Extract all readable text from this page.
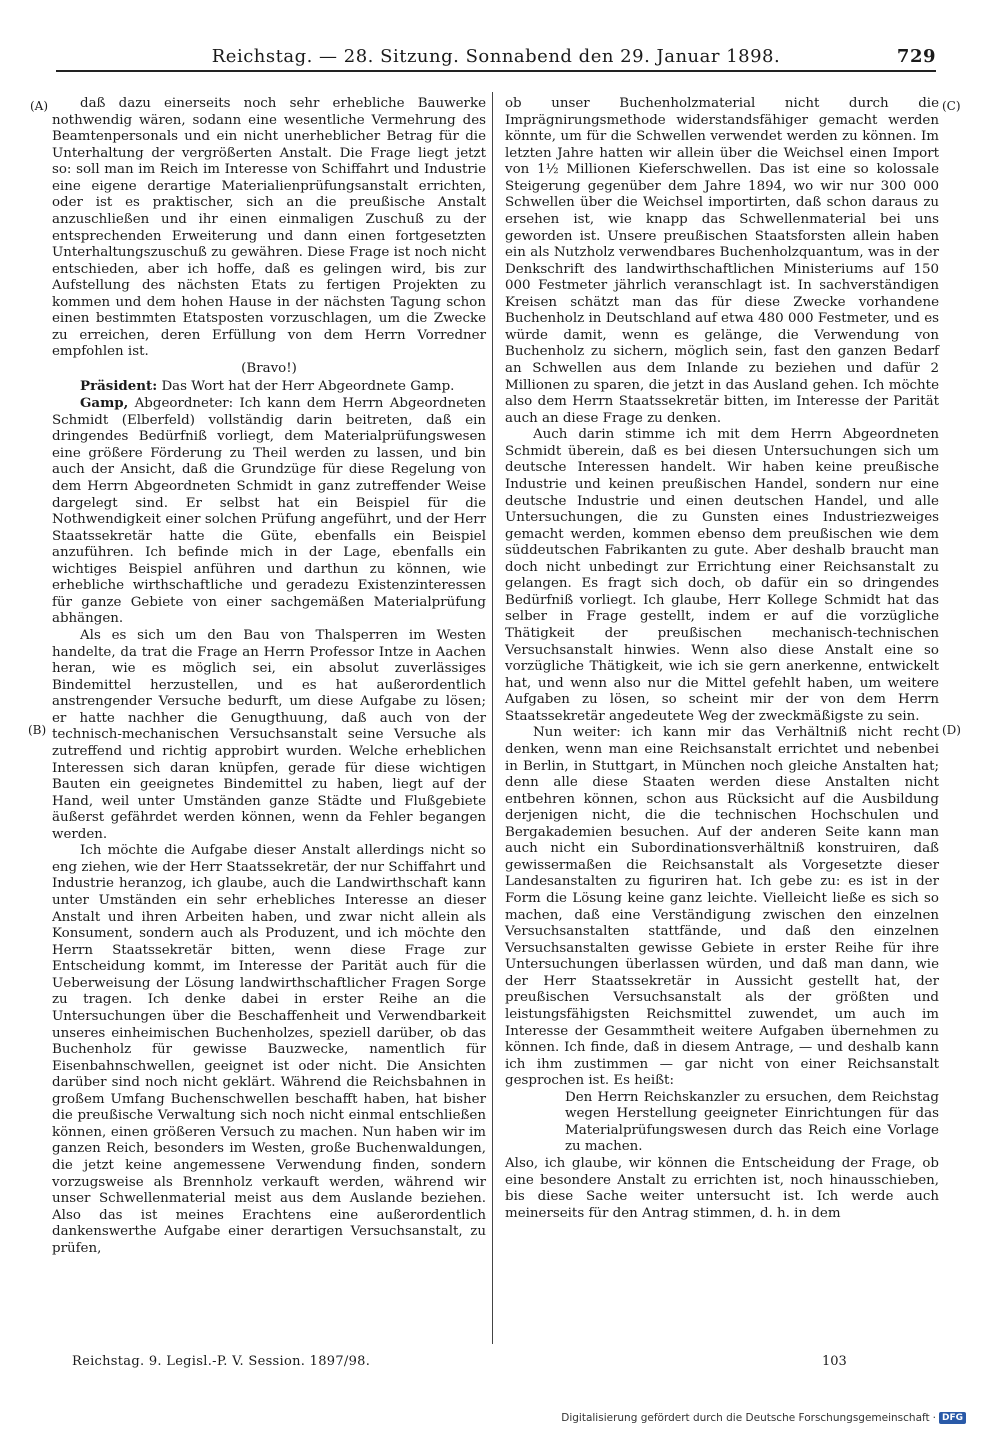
Reichstag. — 28. Sitzung. Sonnabend den 29. Januar 1898.	729
(A)
(B)
(C)
(D)

daß dazu einerseits noch sehr erhebliche Bauwerke nothwendig wären, sodann eine wesentliche Vermehrung des Beamtenpersonals und ein nicht unerheblicher Betrag für die Unterhaltung der vergrößerten Anstalt. Die Frage liegt jetzt so: soll man im Reich im Interesse von Schiffahrt und Industrie eine eigene derartige Materialienprüfungsanstalt errichten, oder ist es praktischer, sich an die preußische Anstalt anzuschließen und ihr einen einmaligen Zuschuß zu der entsprechenden Erweiterung und dann einen fortgesetzten Unterhaltungszuschuß zu gewähren. Diese Frage ist noch nicht entschieden, aber ich hoffe, daß es gelingen wird, bis zur Aufstellung des nächsten Etats zu fertigen Projekten zu kommen und dem hohen Hause in der nächsten Tagung schon einen bestimmten Etatsposten vorzuschlagen, um die Zwecke zu erreichen, deren Erfüllung von dem Herrn Vorredner empfohlen ist.

(Bravo!)

Präsident: Das Wort hat der Herr Abgeordnete Gamp.

Gamp, Abgeordneter: Ich kann dem Herrn Abgeordneten Schmidt (Elberfeld) vollständig darin beitreten, daß ein dringendes Bedürfniß vorliegt, dem Materialprüfungswesen eine größere Förderung zu Theil werden zu lassen, und bin auch der Ansicht, daß die Grundzüge für diese Regelung von dem Herrn Abgeordneten Schmidt in ganz zutreffender Weise dargelegt sind. Er selbst hat ein Beispiel für die Nothwendigkeit einer solchen Prüfung angeführt, und der Herr Staatssekretär hatte die Güte, ebenfalls ein Beispiel anzuführen. Ich befinde mich in der Lage, ebenfalls ein wichtiges Beispiel anführen und darthun zu können, wie erhebliche wirthschaftliche und geradezu Existenzinteressen für ganze Gebiete von einer sachgemäßen Materialprüfung abhängen.

Als es sich um den Bau von Thalsperren im Westen handelte, da trat die Frage an Herrn Professor Intze in Aachen heran, wie es möglich sei, ein absolut zuverlässiges Bindemittel herzustellen, und es hat außerordentlich anstrengender Versuche bedurft, um diese Aufgabe zu lösen; er hatte nachher die Genugthuung, daß auch von der technisch-mechanischen Versuchsanstalt seine Versuche als zutreffend und richtig approbirt wurden. Welche erheblichen Interessen sich daran knüpfen, gerade für diese wichtigen Bauten ein geeignetes Bindemittel zu haben, liegt auf der Hand, weil unter Umständen ganze Städte und Flußgebiete äußerst gefährdet werden können, wenn da Fehler begangen werden.

Ich möchte die Aufgabe dieser Anstalt allerdings nicht so eng ziehen, wie der Herr Staatssekretär, der nur Schiffahrt und Industrie heranzog, ich glaube, auch die Landwirthschaft kann unter Umständen ein sehr erhebliches Interesse an dieser Anstalt und ihren Arbeiten haben, und zwar nicht allein als Konsument, sondern auch als Produzent, und ich möchte den Herrn Staatssekretär bitten, wenn diese Frage zur Entscheidung kommt, im Interesse der Parität auch für die Ueberweisung der Lösung landwirthschaftlicher Fragen Sorge zu tragen. Ich denke dabei in erster Reihe an die Untersuchungen über die Beschaffenheit und Verwendbarkeit unseres einheimischen Buchenholzes, speziell darüber, ob das Buchenholz für gewisse Bauzwecke, namentlich für Eisenbahnschwellen, geeignet ist oder nicht. Die Ansichten darüber sind noch nicht geklärt. Während die Reichsbahnen in großem Umfang Buchenschwellen beschafft haben, hat bisher die preußische Verwaltung sich noch nicht einmal entschließen können, einen größeren Versuch zu machen. Nun haben wir im ganzen Reich, besonders im Westen, große Buchenwaldungen, die jetzt keine angemessene Verwendung finden, sondern vorzugsweise als Brennholz verkauft werden, während wir unser Schwellenmaterial meist aus dem Auslande beziehen. Also das ist meines Erachtens eine außerordentlich dankenswerthe Aufgabe einer derartigen Versuchsanstalt, zu prüfen,

ob unser Buchenholzmaterial nicht durch die Imprägnirungsmethode widerstandsfähiger gemacht werden könnte, um für die Schwellen verwendet werden zu können. Im letzten Jahre hatten wir allein über die Weichsel einen Import von 1½ Millionen Kieferschwellen. Das ist eine so kolossale Steigerung gegenüber dem Jahre 1894, wo wir nur 300 000 Schwellen über die Weichsel importirten, daß schon daraus zu ersehen ist, wie knapp das Schwellenmaterial bei uns geworden ist. Unsere preußischen Staatsforsten allein haben ein als Nutzholz verwendbares Buchenholzquantum, was in der Denkschrift des landwirthschaftlichen Ministeriums auf 150 000 Festmeter jährlich veranschlagt ist. In sachverständigen Kreisen schätzt man das für diese Zwecke vorhandene Buchenholz in Deutschland auf etwa 480 000 Festmeter, und es würde damit, wenn es gelänge, die Verwendung von Buchenholz zu sichern, möglich sein, fast den ganzen Bedarf an Schwellen aus dem Inlande zu beziehen und dafür 2 Millionen zu sparen, die jetzt in das Ausland gehen. Ich möchte also dem Herrn Staatssekretär bitten, im Interesse der Parität auch an diese Frage zu denken.

Auch darin stimme ich mit dem Herrn Abgeordneten Schmidt überein, daß es bei diesen Untersuchungen sich um deutsche Interessen handelt. Wir haben keine preußische Industrie und keinen preußischen Handel, sondern nur eine deutsche Industrie und einen deutschen Handel, und alle Untersuchungen, die zu Gunsten eines Industriezweiges gemacht werden, kommen ebenso dem preußischen wie dem süddeutschen Fabrikanten zu gute. Aber deshalb braucht man doch nicht unbedingt zur Errichtung einer Reichsanstalt zu gelangen. Es fragt sich doch, ob dafür ein so dringendes Bedürfniß vorliegt. Ich glaube, Herr Kollege Schmidt hat das selber in Frage gestellt, indem er auf die vorzügliche Thätigkeit der preußischen mechanisch-technischen Versuchsanstalt hinwies. Wenn also diese Anstalt eine so vorzügliche Thätigkeit, wie ich sie gern anerkenne, entwickelt hat, und wenn also nur die Mittel gefehlt haben, um weitere Aufgaben zu lösen, so scheint mir der von dem Herrn Staatssekretär angedeutete Weg der zweckmäßigste zu sein.

Nun weiter: ich kann mir das Verhältniß nicht recht denken, wenn man eine Reichsanstalt errichtet und nebenbei in Berlin, in Stuttgart, in München noch gleiche Anstalten hat; denn alle diese Staaten werden diese Anstalten nicht entbehren können, schon aus Rücksicht auf die Ausbildung derjenigen nicht, die die technischen Hochschulen und Bergakademien besuchen. Auf der anderen Seite kann man auch nicht ein Subordinationsverhältniß konstruiren, daß gewissermaßen die Reichsanstalt als Vorgesetzte dieser Landesanstalten zu figuriren hat. Ich gebe zu: es ist in der Form die Lösung keine ganz leichte. Vielleicht ließe es sich so machen, daß eine Verständigung zwischen den einzelnen Versuchsanstalten stattfände, und daß den einzelnen Versuchsanstalten gewisse Gebiete in erster Reihe für ihre Untersuchungen überlassen würden, und daß man dann, wie der Herr Staatssekretär in Aussicht gestellt hat, der preußischen Versuchsanstalt als der größten und leistungsfähigsten Reichsmittel zuwendet, um auch im Interesse der Gesammtheit weitere Aufgaben übernehmen zu können. Ich finde, daß in diesem Antrage, — und deshalb kann ich ihm zustimmen — gar nicht von einer Reichsanstalt gesprochen ist. Es heißt:

Den Herrn Reichskanzler zu ersuchen, dem Reichstag wegen Herstellung geeigneter Einrichtungen für das Materialprüfungswesen durch das Reich eine Vorlage zu machen.

Also, ich glaube, wir können die Entscheidung der Frage, ob eine besondere Anstalt zu errichten ist, noch hinausschieben, bis diese Sache weiter untersucht ist. Ich werde auch meinerseits für den Antrag stimmen, d. h. in dem

Reichstag. 9. Legisl.-P. V. Session. 1897/98.	103
Digitalisierung gefördert durch die Deutsche Forschungsgemeinschaft · DFG
